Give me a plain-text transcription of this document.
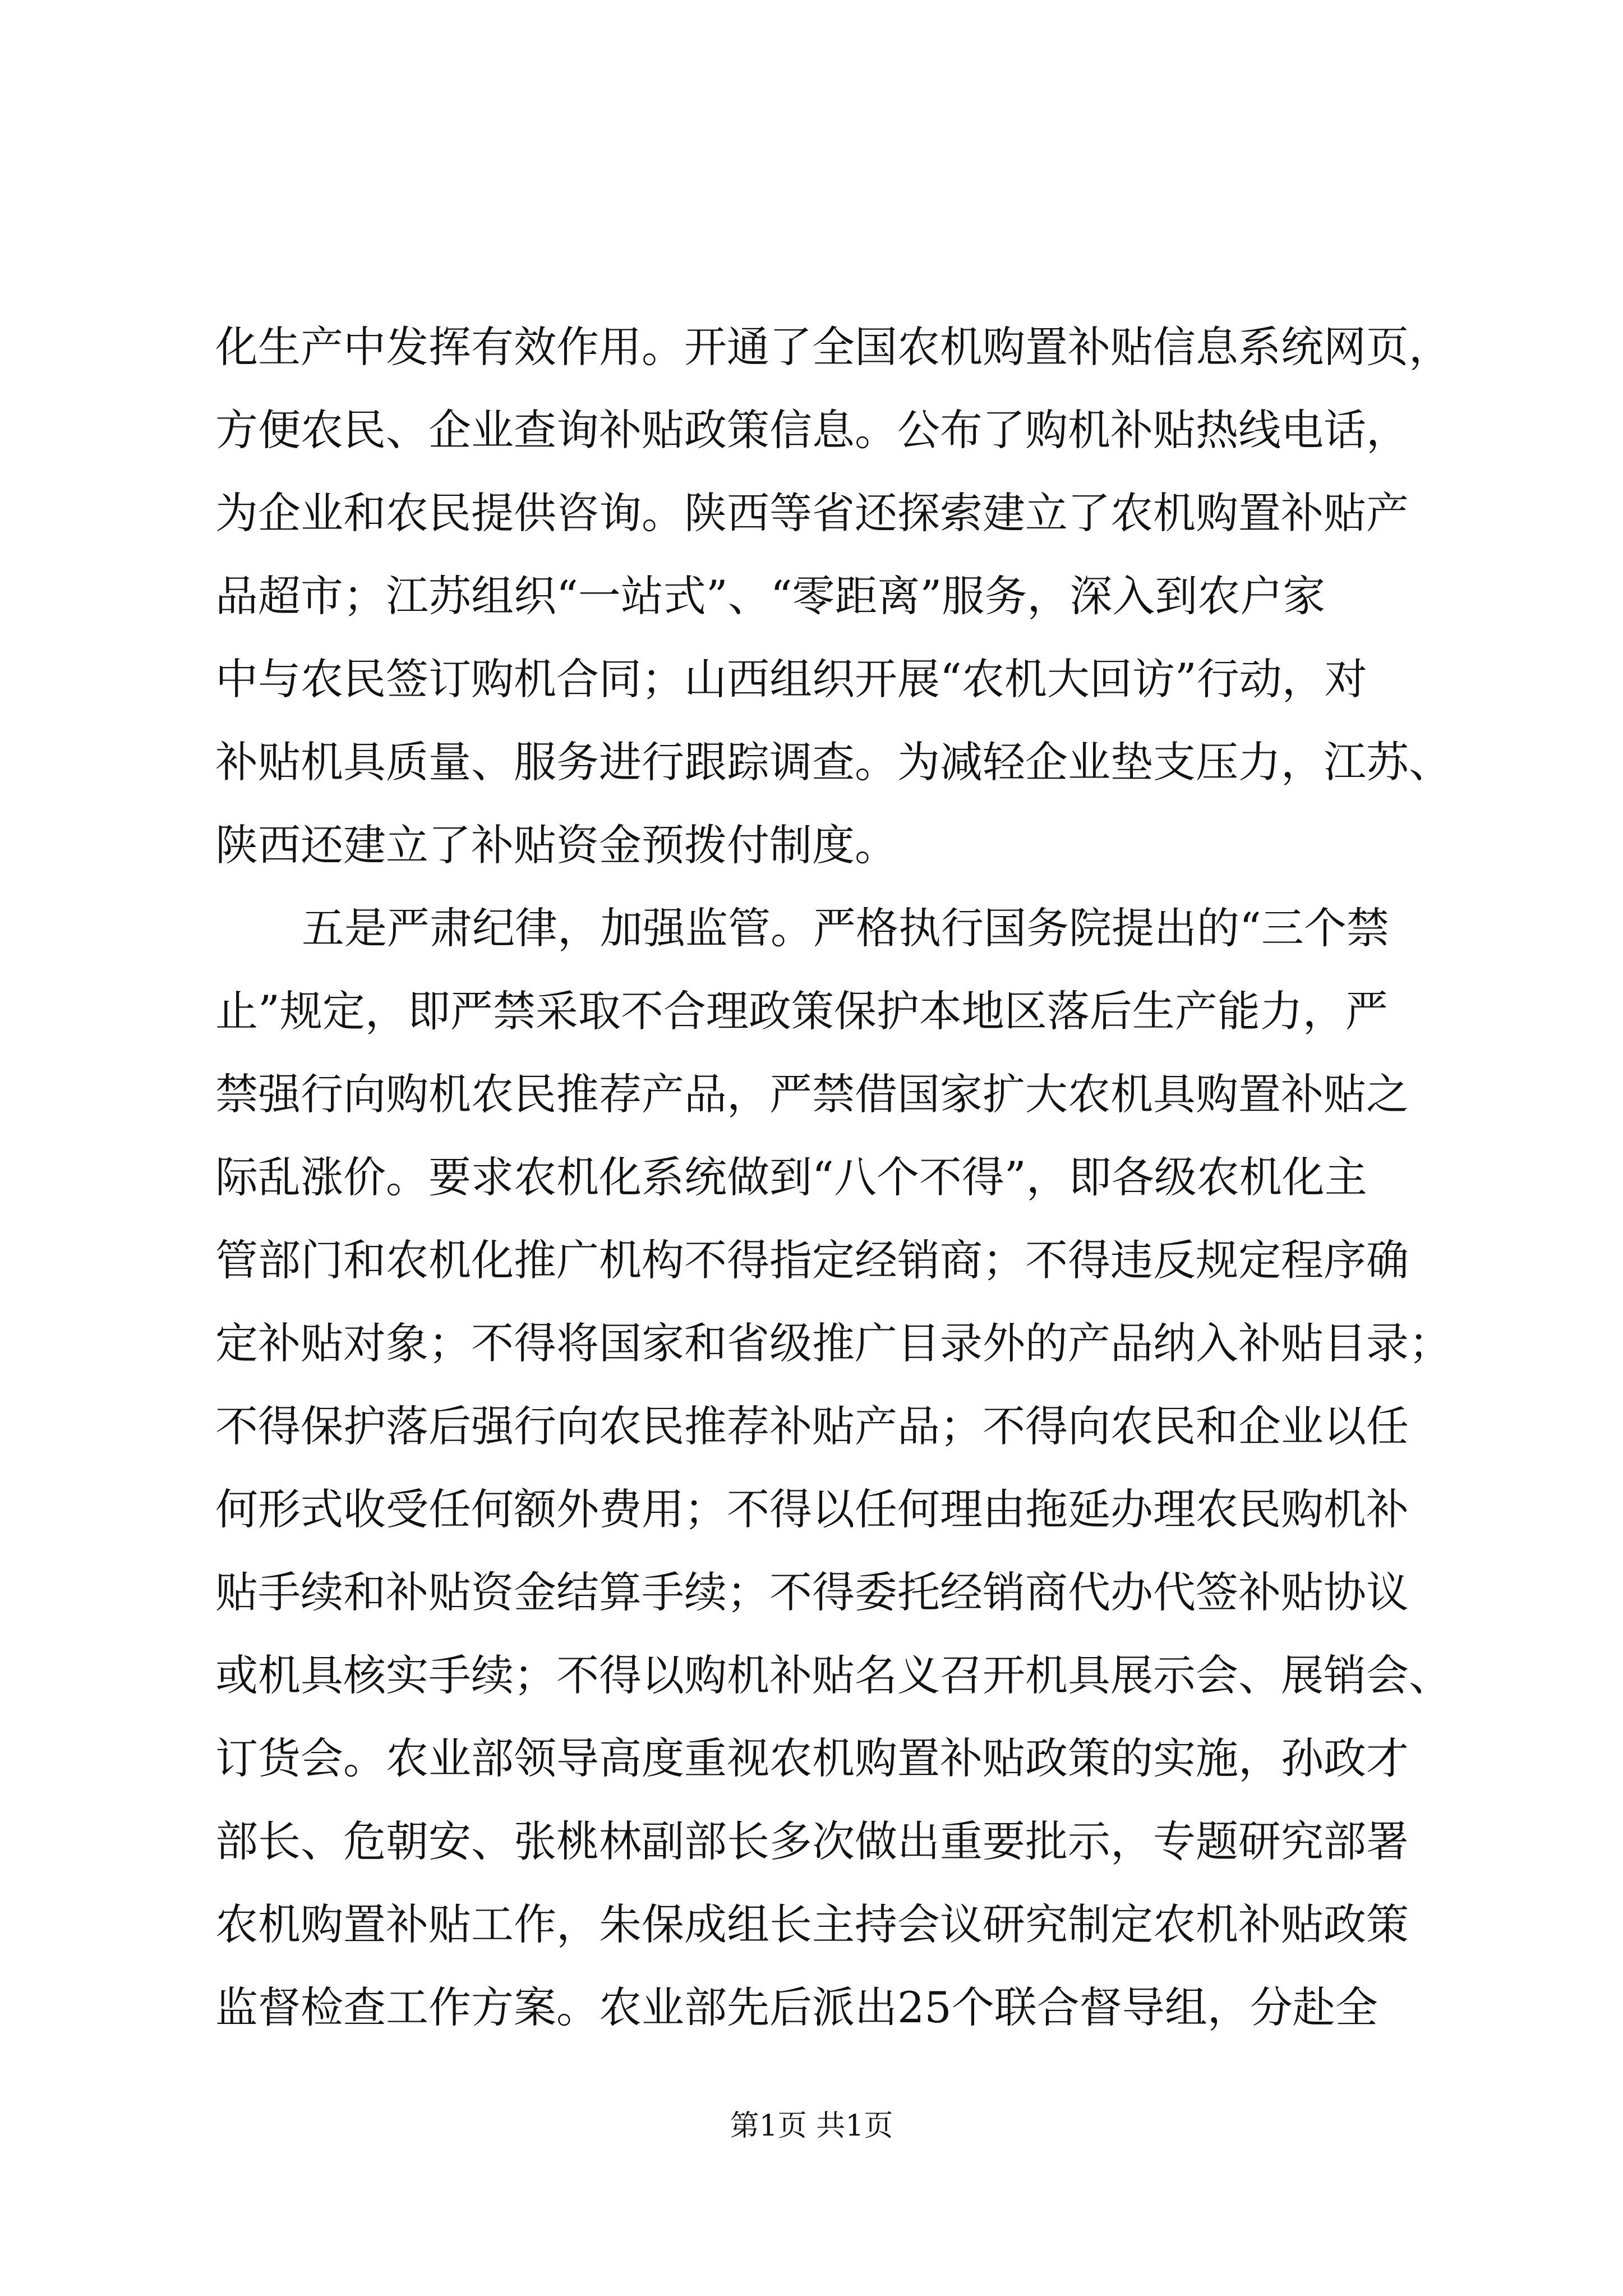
化生产中发挥有效作用。开通了全国农机购置补贴信息系统网页，
方便农民、企业查询补贴政策信息。公布了购机补贴热线电话，
为企业和农民提供咨询。陕西等省还探索建立了农机购置补贴产
品超市；江苏组织“一站式”、“零距离”服务，深入到农户家
中与农民签订购机合同；山西组织开展“农机大回访”行动，对
补贴机具质量、服务进行跟踪调查。为减轻企业垫支压力，江苏、
陕西还建立了补贴资金预拨付制度。
五是严肃纪律，加强监管。严格执行国务院提出的“三个禁
止”规定，即严禁采取不合理政策保护本地区落后生产能力，严
禁强行向购机农民推荐产品，严禁借国家扩大农机具购置补贴之
际乱涨价。要求农机化系统做到“八个不得”，即各级农机化主
管部门和农机化推广机构不得指定经销商；不得违反规定程序确
定补贴对象；不得将国家和省级推广目录外的产品纳入补贴目录；
不得保护落后强行向农民推荐补贴产品；不得向农民和企业以任
何形式收受任何额外费用；不得以任何理由拖延办理农民购机补
贴手续和补贴资金结算手续；不得委托经销商代办代签补贴协议
或机具核实手续；不得以购机补贴名义召开机具展示会、展销会、
订货会。农业部领导高度重视农机购置补贴政策的实施，孙政才
部长、危朝安、张桃林副部长多次做出重要批示，专题研究部署
农机购置补贴工作，朱保成组长主持会议研究制定农机补贴政策
监督检查工作方案。农业部先后派出25个联合督导组，分赴全
第1页 共1页
